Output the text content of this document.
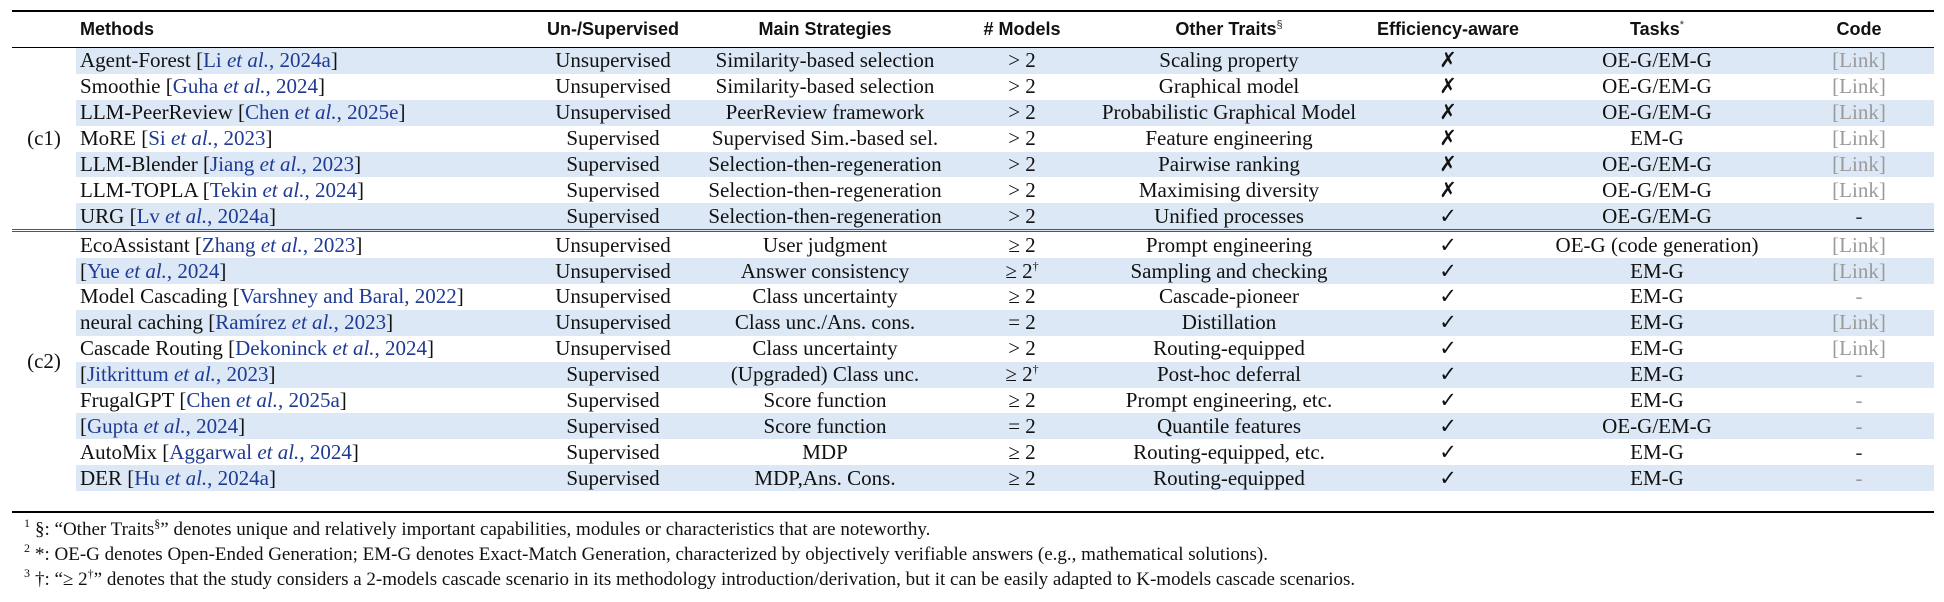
	Methods	Un-/Supervised	Main Strategies	# Models	Other Traits§	Efficiency-aware	Tasks*	Code
(c1)	Agent-Forest [Li et al., 2024a]	Unsupervised	Similarity-based selection	> 2	Scaling property	✗	OE-G/EM-G	[Link]
	Smoothie [Guha et al., 2024]	Unsupervised	Similarity-based selection	> 2	Graphical model	✗	OE-G/EM-G	[Link]
	LLM-PeerReview [Chen et al., 2025e]	Unsupervised	PeerReview framework	> 2	Probabilistic Graphical Model	✗	OE-G/EM-G	[Link]
	MoRE [Si et al., 2023]	Supervised	Supervised Sim.-based sel.	> 2	Feature engineering	✗	EM-G	[Link]
	LLM-Blender [Jiang et al., 2023]	Supervised	Selection-then-regeneration	> 2	Pairwise ranking	✗	OE-G/EM-G	[Link]
	LLM-TOPLA [Tekin et al., 2024]	Supervised	Selection-then-regeneration	> 2	Maximising diversity	✗	OE-G/EM-G	[Link]
	URG [Lv et al., 2024a]	Supervised	Selection-then-regeneration	> 2	Unified processes	✓	OE-G/EM-G	-
(c2)	EcoAssistant [Zhang et al., 2023]	Unsupervised	User judgment	≥ 2	Prompt engineering	✓	OE-G (code generation)	[Link]
	[Yue et al., 2024]	Unsupervised	Answer consistency	≥ 2†	Sampling and checking	✓	EM-G	[Link]
	Model Cascading [Varshney and Baral, 2022]	Unsupervised	Class uncertainty	≥ 2	Cascade-pioneer	✓	EM-G	-
	neural caching [Ramírez et al., 2023]	Unsupervised	Class unc./Ans. cons.	= 2	Distillation	✓	EM-G	[Link]
	Cascade Routing [Dekoninck et al., 2024]	Unsupervised	Class uncertainty	> 2	Routing-equipped	✓	EM-G	[Link]
	[Jitkrittum et al., 2023]	Supervised	(Upgraded) Class unc.	≥ 2†	Post-hoc deferral	✓	EM-G	-
	FrugalGPT [Chen et al., 2025a]	Supervised	Score function	≥ 2	Prompt engineering, etc.	✓	EM-G	-
	[Gupta et al., 2024]	Supervised	Score function	= 2	Quantile features	✓	OE-G/EM-G	-
	AutoMix [Aggarwal et al., 2024]	Supervised	MDP	≥ 2	Routing-equipped, etc.	✓	EM-G	-
	DER [Hu et al., 2024a]	Supervised	MDP,Ans. Cons.	≥ 2	Routing-equipped	✓	EM-G	-
$^1$ §: “Other Traits§” denotes unique and relatively important capabilities, modules or characteristics that are noteworthy.
$^2$ *: OE-G denotes Open-Ended Generation; EM-G denotes Exact-Match Generation, characterized by objectively verifiable answers (e.g., mathematical solutions).
$^3$ †: “≥ 2†” denotes that the study considers a 2-models cascade scenario in its methodology introduction/derivation, but it can be easily adapted to K-models cascade scenarios.
